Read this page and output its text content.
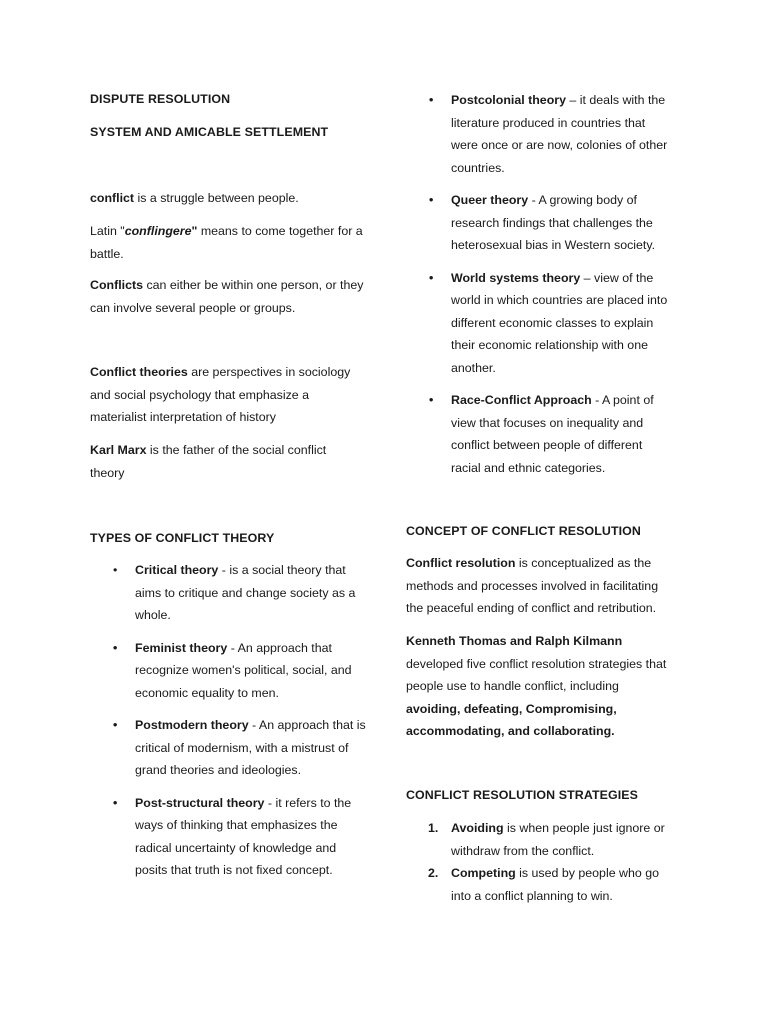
DISPUTE RESOLUTION
SYSTEM AND AMICABLE SETTLEMENT

conflict is a struggle between people.

Latin "conflingere" means to come together for a battle.

Conflicts can either be within one person, or they can involve several people or groups.

Conflict theories are perspectives in sociology and social psychology that emphasize a materialist interpretation of history

Karl Marx is the father of the social conflict theory

TYPES OF CONFLICT THEORY
• Critical theory - is a social theory that aims to critique and change society as a whole.
• Feminist theory - An approach that recognize women's political, social, and economic equality to men.
• Postmodern theory - An approach that is critical of modernism, with a mistrust of grand theories and ideologies.
• Post-structural theory - it refers to the ways of thinking that emphasizes the radical uncertainty of knowledge and posits that truth is not fixed concept.
• Postcolonial theory – it deals with the literature produced in countries that were once or are now, colonies of other countries.
• Queer theory - A growing body of research findings that challenges the heterosexual bias in Western society.
• World systems theory – view of the world in which countries are placed into different economic classes to explain their economic relationship with one another.
• Race-Conflict Approach - A point of view that focuses on inequality and conflict between people of different racial and ethnic categories.
CONCEPT OF CONFLICT RESOLUTION

Conflict resolution is conceptualized as the methods and processes involved in facilitating the peaceful ending of conflict and retribution.

Kenneth Thomas and Ralph Kilmann developed five conflict resolution strategies that people use to handle conflict, including avoiding, defeating, Compromising, accommodating, and collaborating.

CONFLICT RESOLUTION STRATEGIES
1. Avoiding is when people just ignore or withdraw from the conflict.
2. Competing is used by people who go into a conflict planning to win.
